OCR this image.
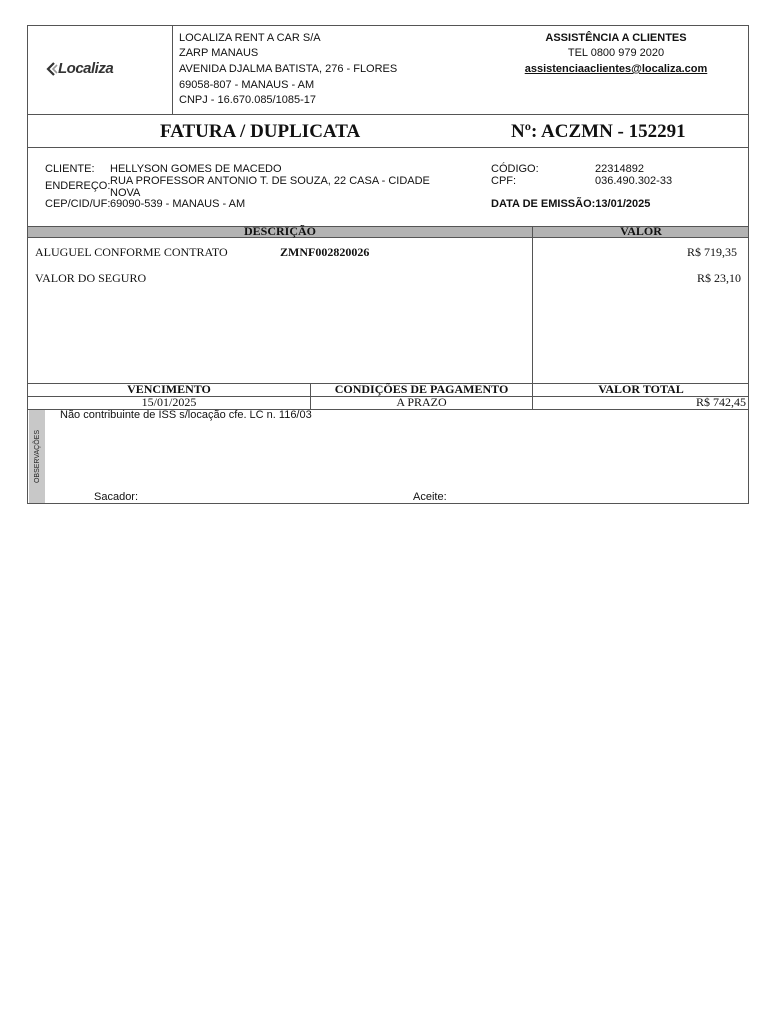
Localiza
LOCALIZA RENT A CAR S/A
ZARP MANAUS
AVENIDA DJALMA BATISTA, 276 - FLORES
69058-807 - MANAUS - AM
CNPJ - 16.670.085/1085-17
ASSISTÊNCIA A CLIENTES
TEL 0800 979 2020
assistenciaaclientes@localiza.com
FATURA / DUPLICATA	Nº: ACZMN - 152291
CLIENTE: HELLYSON GOMES DE MACEDO
ENDEREÇO: RUA PROFESSOR ANTONIO T. DE SOUZA, 22 CASA - CIDADE
NOVA
CEP/CID/UF: 69090-539 - MANAUS - AM
CÓDIGO:	22314892
CPF:	036.490.302-33
DATA DE EMISSÃO:13/01/2025
DESCRIÇÃO	VALOR
ALUGUEL CONFORME CONTRATO	ZMNF002820026	R$ 719,35
VALOR DO SEGURO	R$ 23,10
VENCIMENTO	CONDIÇÕES DE PAGAMENTO	VALOR TOTAL
15/01/2025	A PRAZO	R$ 742,45
OBSERVAÇÕES
Não contribuinte de ISS s/locação cfe. LC n. 116/03
Sacador:	Aceite:
